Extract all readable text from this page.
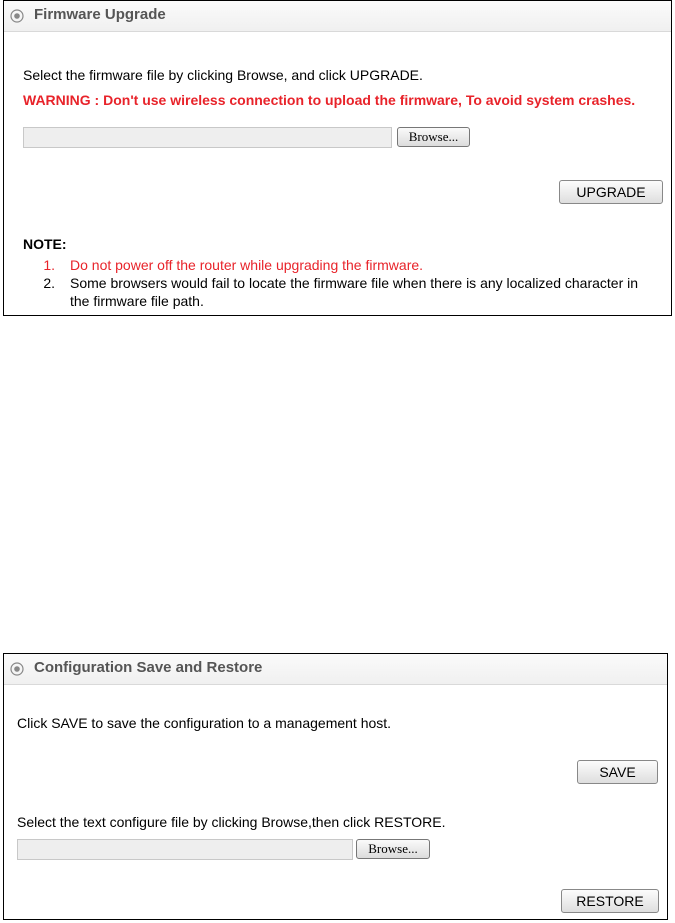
Firmware Upgrade
Select the firmware file by clicking Browse, and click UPGRADE.
WARNING : Don't use wireless connection to upload the firmware, To avoid system crashes.
Browse...
UPGRADE
NOTE:
1. Do not power off the router while upgrading the firmware.
2. Some browsers would fail to locate the firmware file when there is any localized character in
the firmware file path.
Configuration Save and Restore
Click SAVE to save the configuration to a management host.
SAVE
Select the text configure file by clicking Browse,then click RESTORE.
Browse...
RESTORE
